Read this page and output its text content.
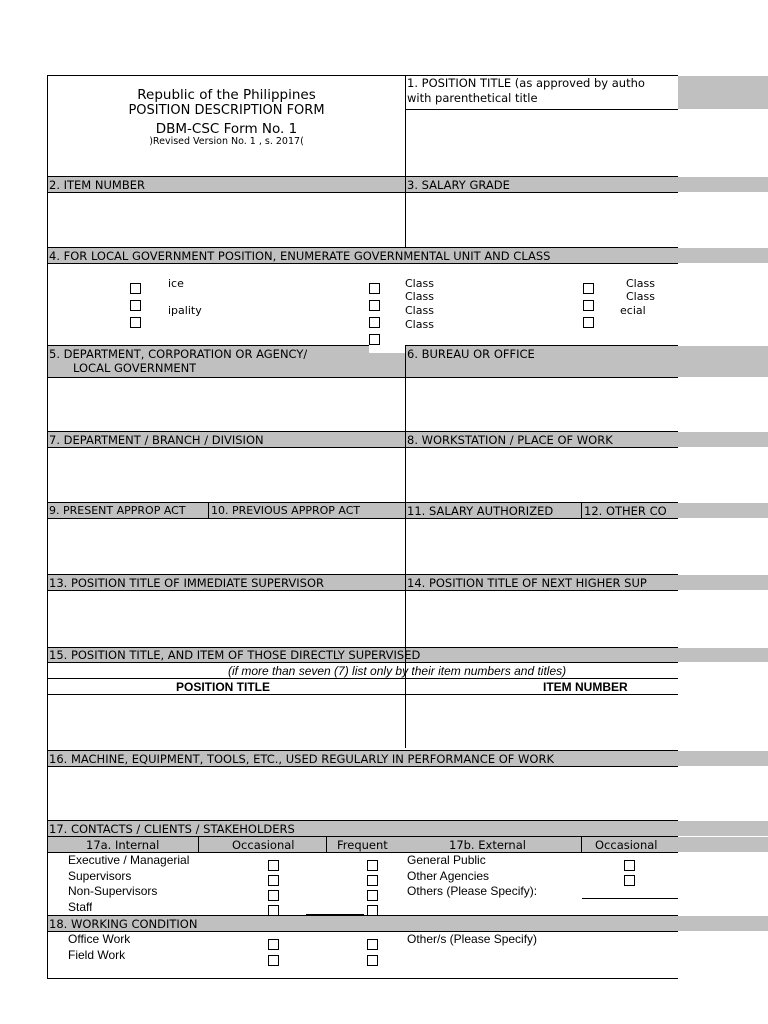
Republic of the Philippines
POSITION DESCRIPTION FORM
DBM-CSC Form No. 1
)Revised Version No. 1 , s. 2017(
1. POSITION TITLE (as approved by autho
with parenthetical title
2. ITEM NUMBER	3. SALARY GRADE
4. FOR LOCAL GOVERNMENT POSITION, ENUMERATE GOVERNMENTAL UNIT AND CLASS
5. DEPARTMENT, CORPORATION OR AGENCY/
LOCAL GOVERNMENT
6. BUREAU OR OFFICE
7. DEPARTMENT / BRANCH / DIVISION	8. WORKSTATION / PLACE OF WORK
9. PRESENT APPROP ACT 10. PREVIOUS APPROP ACT	11. SALARY AUTHORIZED	12. OTHER CO
13. POSITION TITLE OF IMMEDIATE SUPERVISOR	14. POSITION TITLE OF NEXT HIGHER SUP
15. POSITION TITLE, AND ITEM OF THOSE DIRECTLY SUPERVISED
(if more than seven (7) list only by their item numbers and titles)
POSITION TITLE	ITEM NUMBER
16. MACHINE, EQUIPMENT, TOOLS, ETC., USED REGULARLY IN PERFORMANCE OF WORK
17. CONTACTS / CLIENTS / STAKEHOLDERS
17a. Internal	Occasional	Frequent	17b. External	Occasional
18. WORKING CONDITION
ice
ipality
Class
Class
Class
Class
Class
Class
ecial
Executive / Managerial
Supervisors
Non-Supervisors
Staff
General Public
Other Agencies
Others (Please Specify):
Office Work
Field Work
Other/s (Please Specify)
